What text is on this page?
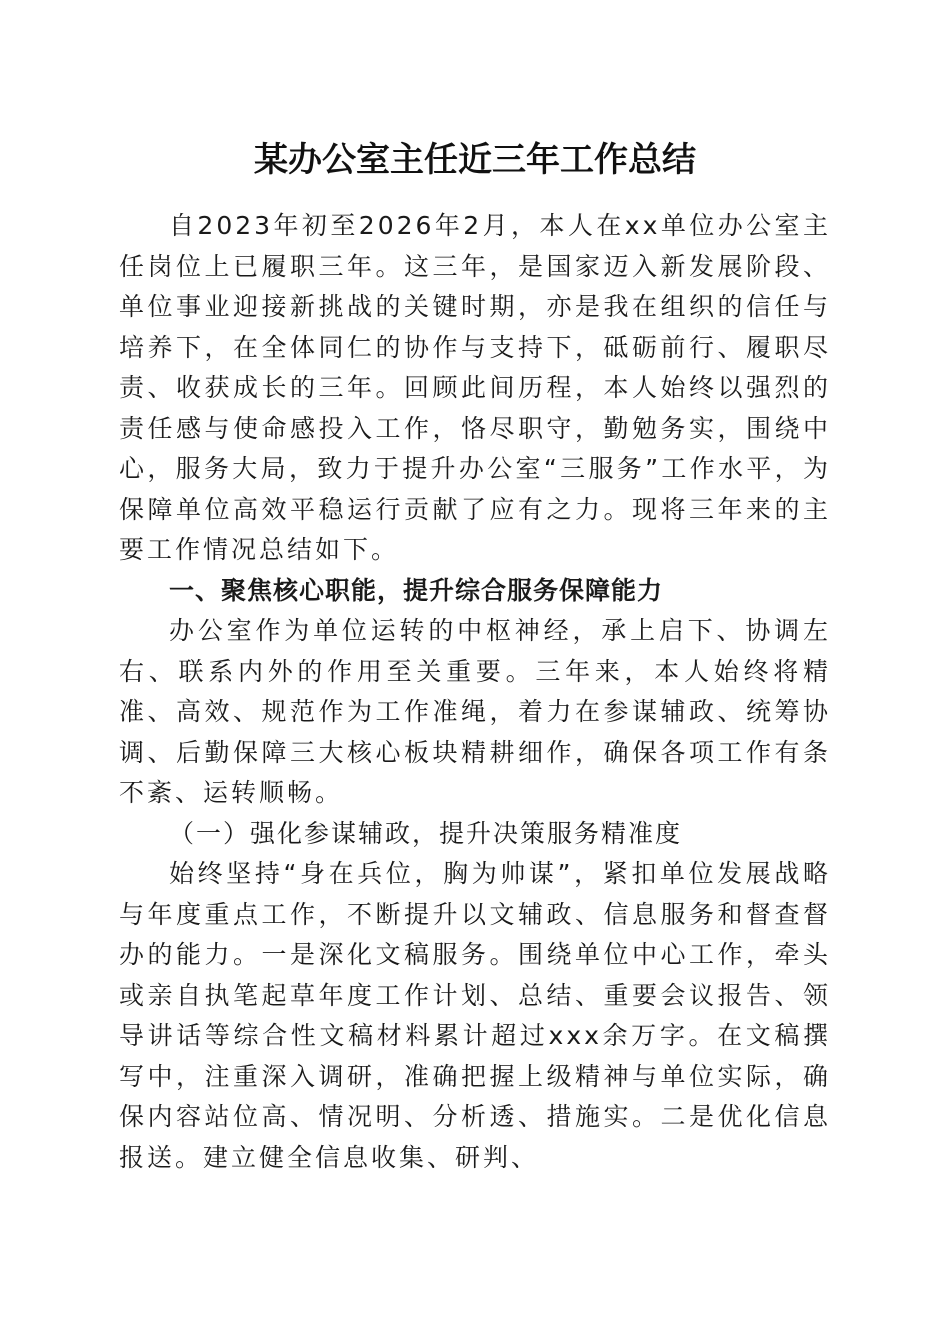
某办公室主任近三年工作总结

自2023年初至2026年2月，本人在xx单位办公室主任岗位上已履职三年。这三年，是国家迈入新发展阶段、单位事业迎接新挑战的关键时期，亦是我在组织的信任与培养下，在全体同仁的协作与支持下，砥砺前行、履职尽责、收获成长的三年。回顾此间历程，本人始终以强烈的责任感与使命感投入工作，恪尽职守，勤勉务实，围绕中心，服务大局，致力于提升办公室“三服务”工作水平，为保障单位高效平稳运行贡献了应有之力。现将三年来的主要工作情况总结如下。

一、聚焦核心职能，提升综合服务保障能力

办公室作为单位运转的中枢神经，承上启下、协调左右、联系内外的作用至关重要。三年来，本人始终将精准、高效、规范作为工作准绳，着力在参谋辅政、统筹协调、后勤保障三大核心板块精耕细作，确保各项工作有条不紊、运转顺畅。

（一）强化参谋辅政，提升决策服务精准度

始终坚持“身在兵位，胸为帅谋”，紧扣单位发展战略与年度重点工作，不断提升以文辅政、信息服务和督查督办的能力。一是深化文稿服务。围绕单位中心工作，牵头或亲自执笔起草年度工作计划、总结、重要会议报告、领导讲话等综合性文稿材料累计超过xxx余万字。在文稿撰写中，注重深入调研，准确把握上级精神与单位实际，确保内容站位高、情况明、分析透、措施实。二是优化信息报送。建立健全信息收集、研判、
